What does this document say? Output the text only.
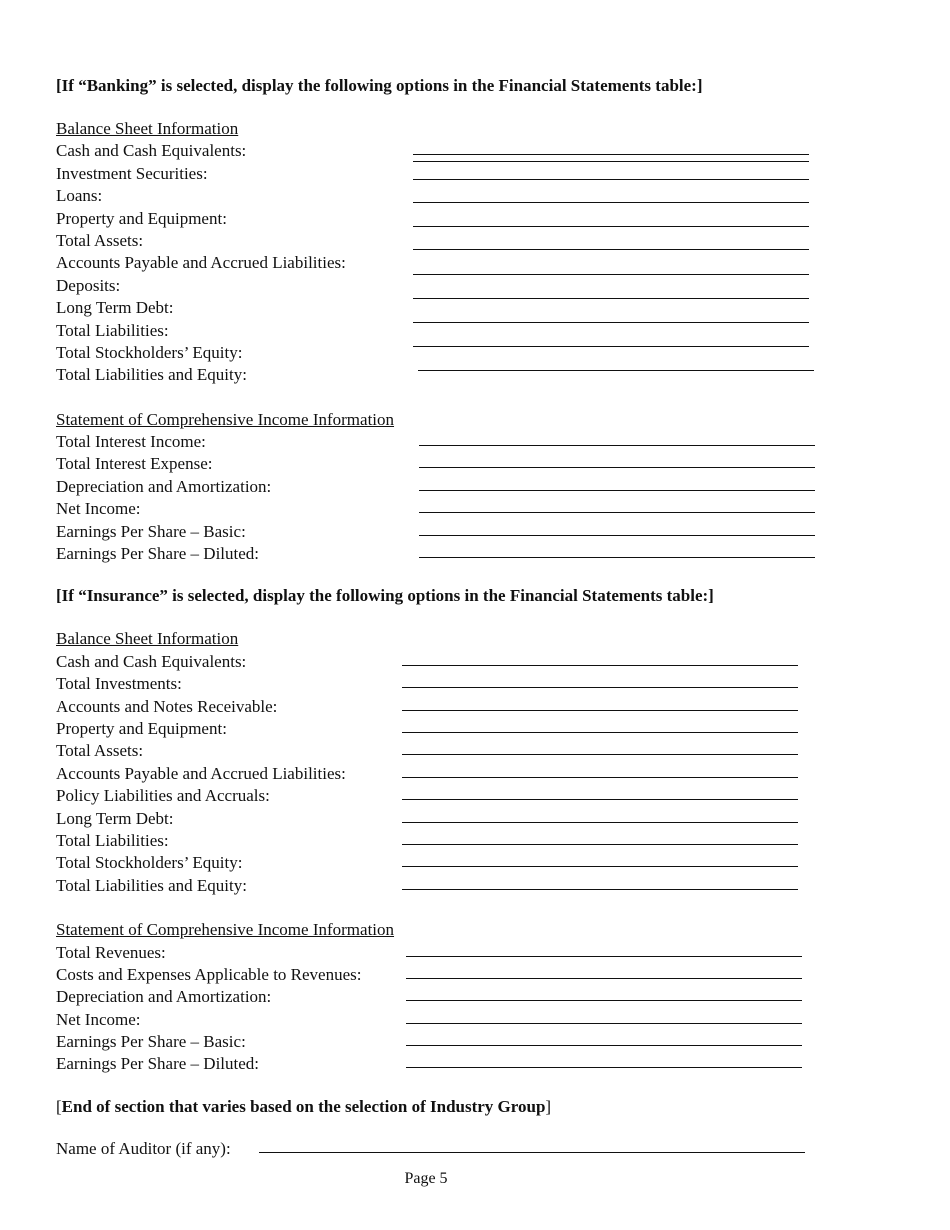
[If “Banking” is selected, display the following options in the Financial Statements table:]
Balance Sheet Information
Cash and Cash Equivalents:
Investment Securities:
Loans:
Property and Equipment:
Total Assets:
Accounts Payable and Accrued Liabilities:
Deposits:
Long Term Debt:
Total Liabilities:
Total Stockholders’ Equity:
Total Liabilities and Equity:
Statement of Comprehensive Income Information
Total Interest Income:
Total Interest Expense:
Depreciation and Amortization:
Net Income:
Earnings Per Share – Basic:
Earnings Per Share – Diluted:
[If “Insurance” is selected, display the following options in the Financial Statements table:]
Balance Sheet Information
Cash and Cash Equivalents:
Total Investments:
Accounts and Notes Receivable:
Property and Equipment:
Total Assets:
Accounts Payable and Accrued Liabilities:
Policy Liabilities and Accruals:
Long Term Debt:
Total Liabilities:
Total Stockholders’ Equity:
Total Liabilities and Equity:
Statement of Comprehensive Income Information
Total Revenues:
Costs and Expenses Applicable to Revenues:
Depreciation and Amortization:
Net Income:
Earnings Per Share – Basic:
Earnings Per Share – Diluted:
[End of section that varies based on the selection of Industry Group]
Name of Auditor (if any):
Page 5
